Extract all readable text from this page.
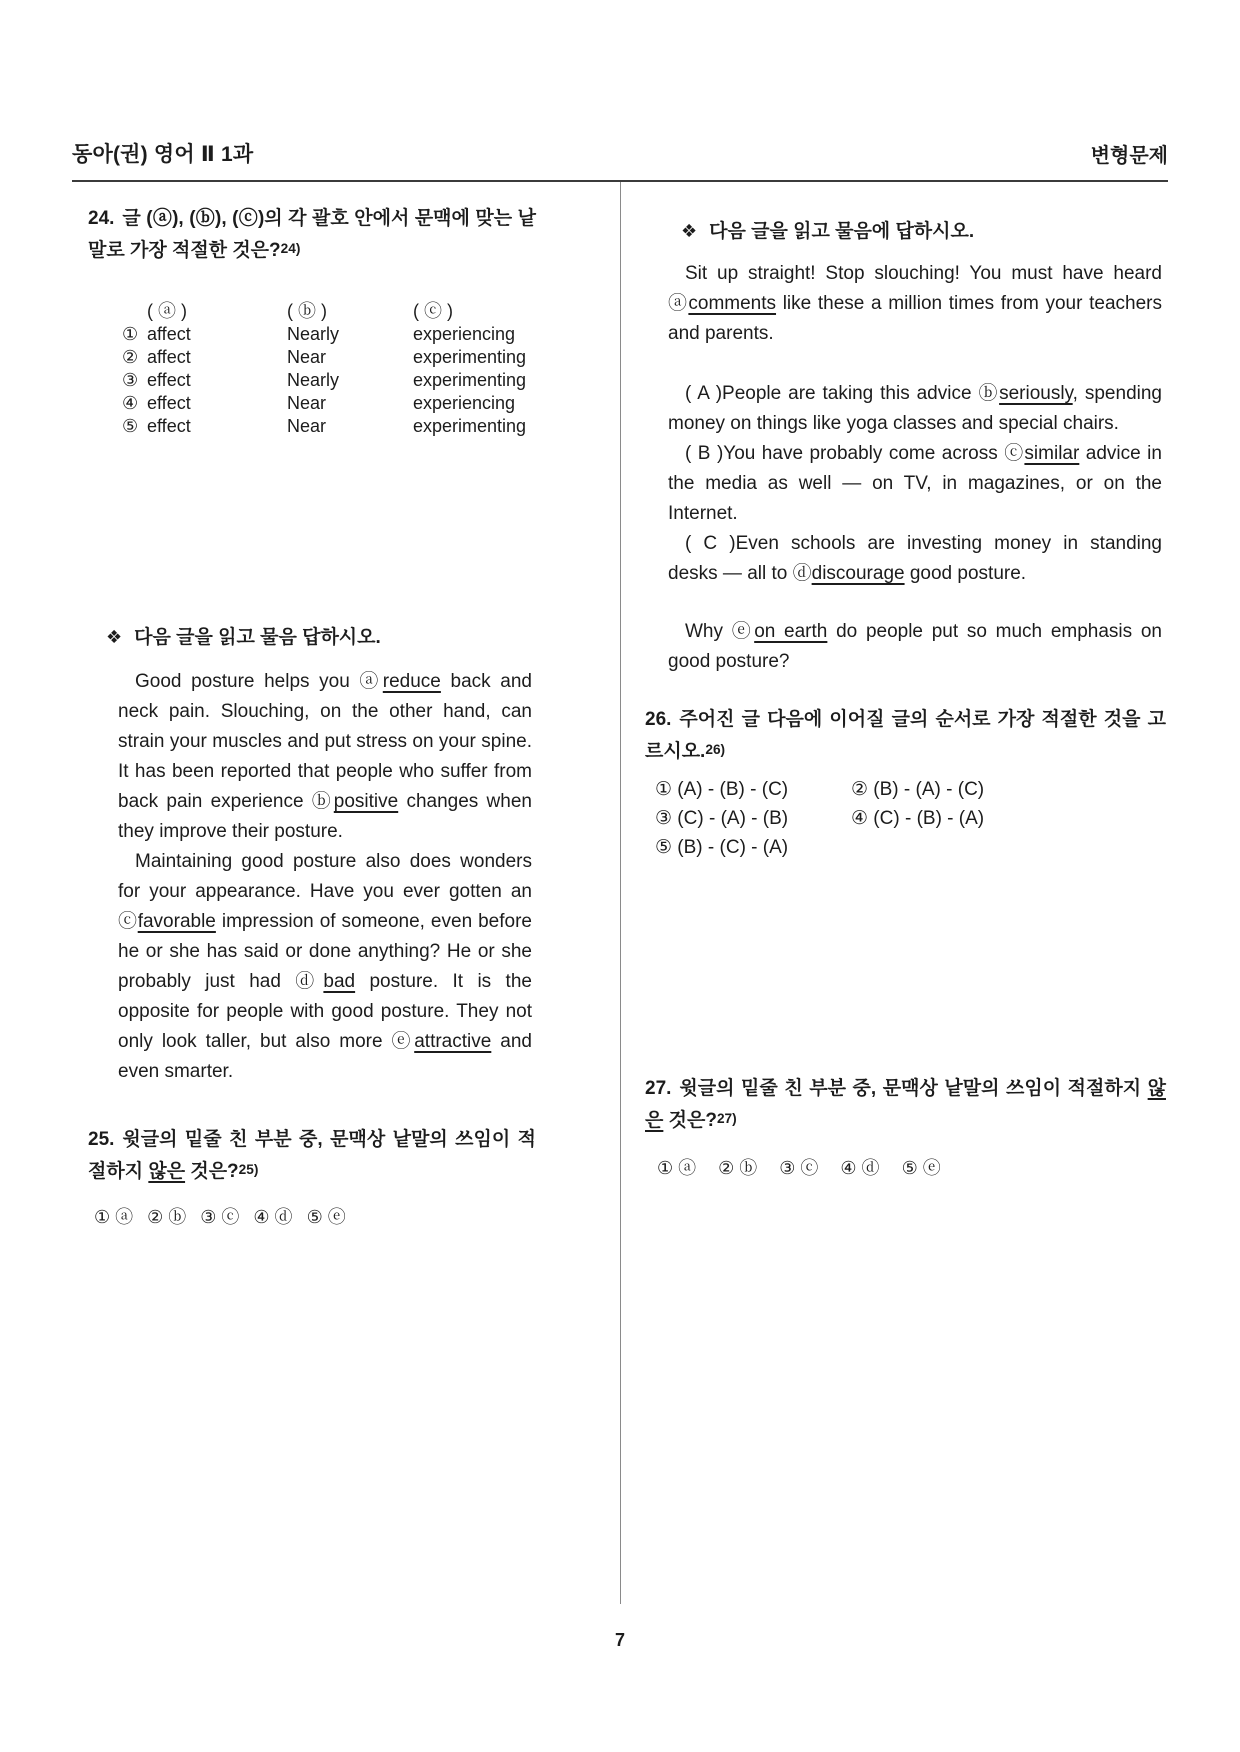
동아(권) 영어 Ⅱ 1과	변형문제

24. 글 (ⓐ), (ⓑ), (ⓒ)의 각 괄호 안에서 문맥에 맞는 낱말로 가장 적절한 것은?24)

( ⓐ )	( ⓑ )	( ⓒ )
① affect	Nearly	experiencing
② affect	Near	experimenting
③ effect	Nearly	experimenting
④ effect	Near	experiencing
⑤ effect	Near	experimenting

❖ 다음 글을 읽고 물음 답하시오.

Good posture helps you ⓐreduce back and neck pain. Slouching, on the other hand, can strain your muscles and put stress on your spine. It has been reported that people who suffer from back pain experience ⓑpositive changes when they improve their posture.

Maintaining good posture also does wonders for your appearance. Have you ever gotten an ⓒfavorable impression of someone, even before he or she has said or done anything? He or she probably just had ⓓbad posture. It is the opposite for people with good posture. They not only look taller, but also more ⓔattractive and even smarter.

25. 윗글의 밑줄 친 부분 중, 문맥상 낱말의 쓰임이 적절하지 않은 것은?25)

① ⓐ ② ⓑ ③ ⓒ ④ ⓓ ⑤ ⓔ

❖ 다음 글을 읽고 물음에 답하시오.

Sit up straight! Stop slouching! You must have heard ⓐcomments like these a million times from your teachers and parents.

( A )People are taking this advice ⓑseriously, spending money on things like yoga classes and special chairs.

( B )You have probably come across ⓒsimilar advice in the media as well — on TV, in magazines, or on the Internet.

( C )Even schools are investing money in standing desks — all to ⓓdiscourage good posture.

Why ⓔon earth do people put so much emphasis on good posture?

26. 주어진 글 다음에 이어질 글의 순서로 가장 적절한 것을 고르시오.26)

① (A) - (B) - (C)	② (B) - (A) - (C)
③ (C) - (A) - (B)	④ (C) - (B) - (A)
⑤ (B) - (C) - (A)

27. 윗글의 밑줄 친 부분 중, 문맥상 낱말의 쓰임이 적절하지 않은 것은?27)

① ⓐ ② ⓑ ③ ⓒ ④ ⓓ ⑤ ⓔ
7
